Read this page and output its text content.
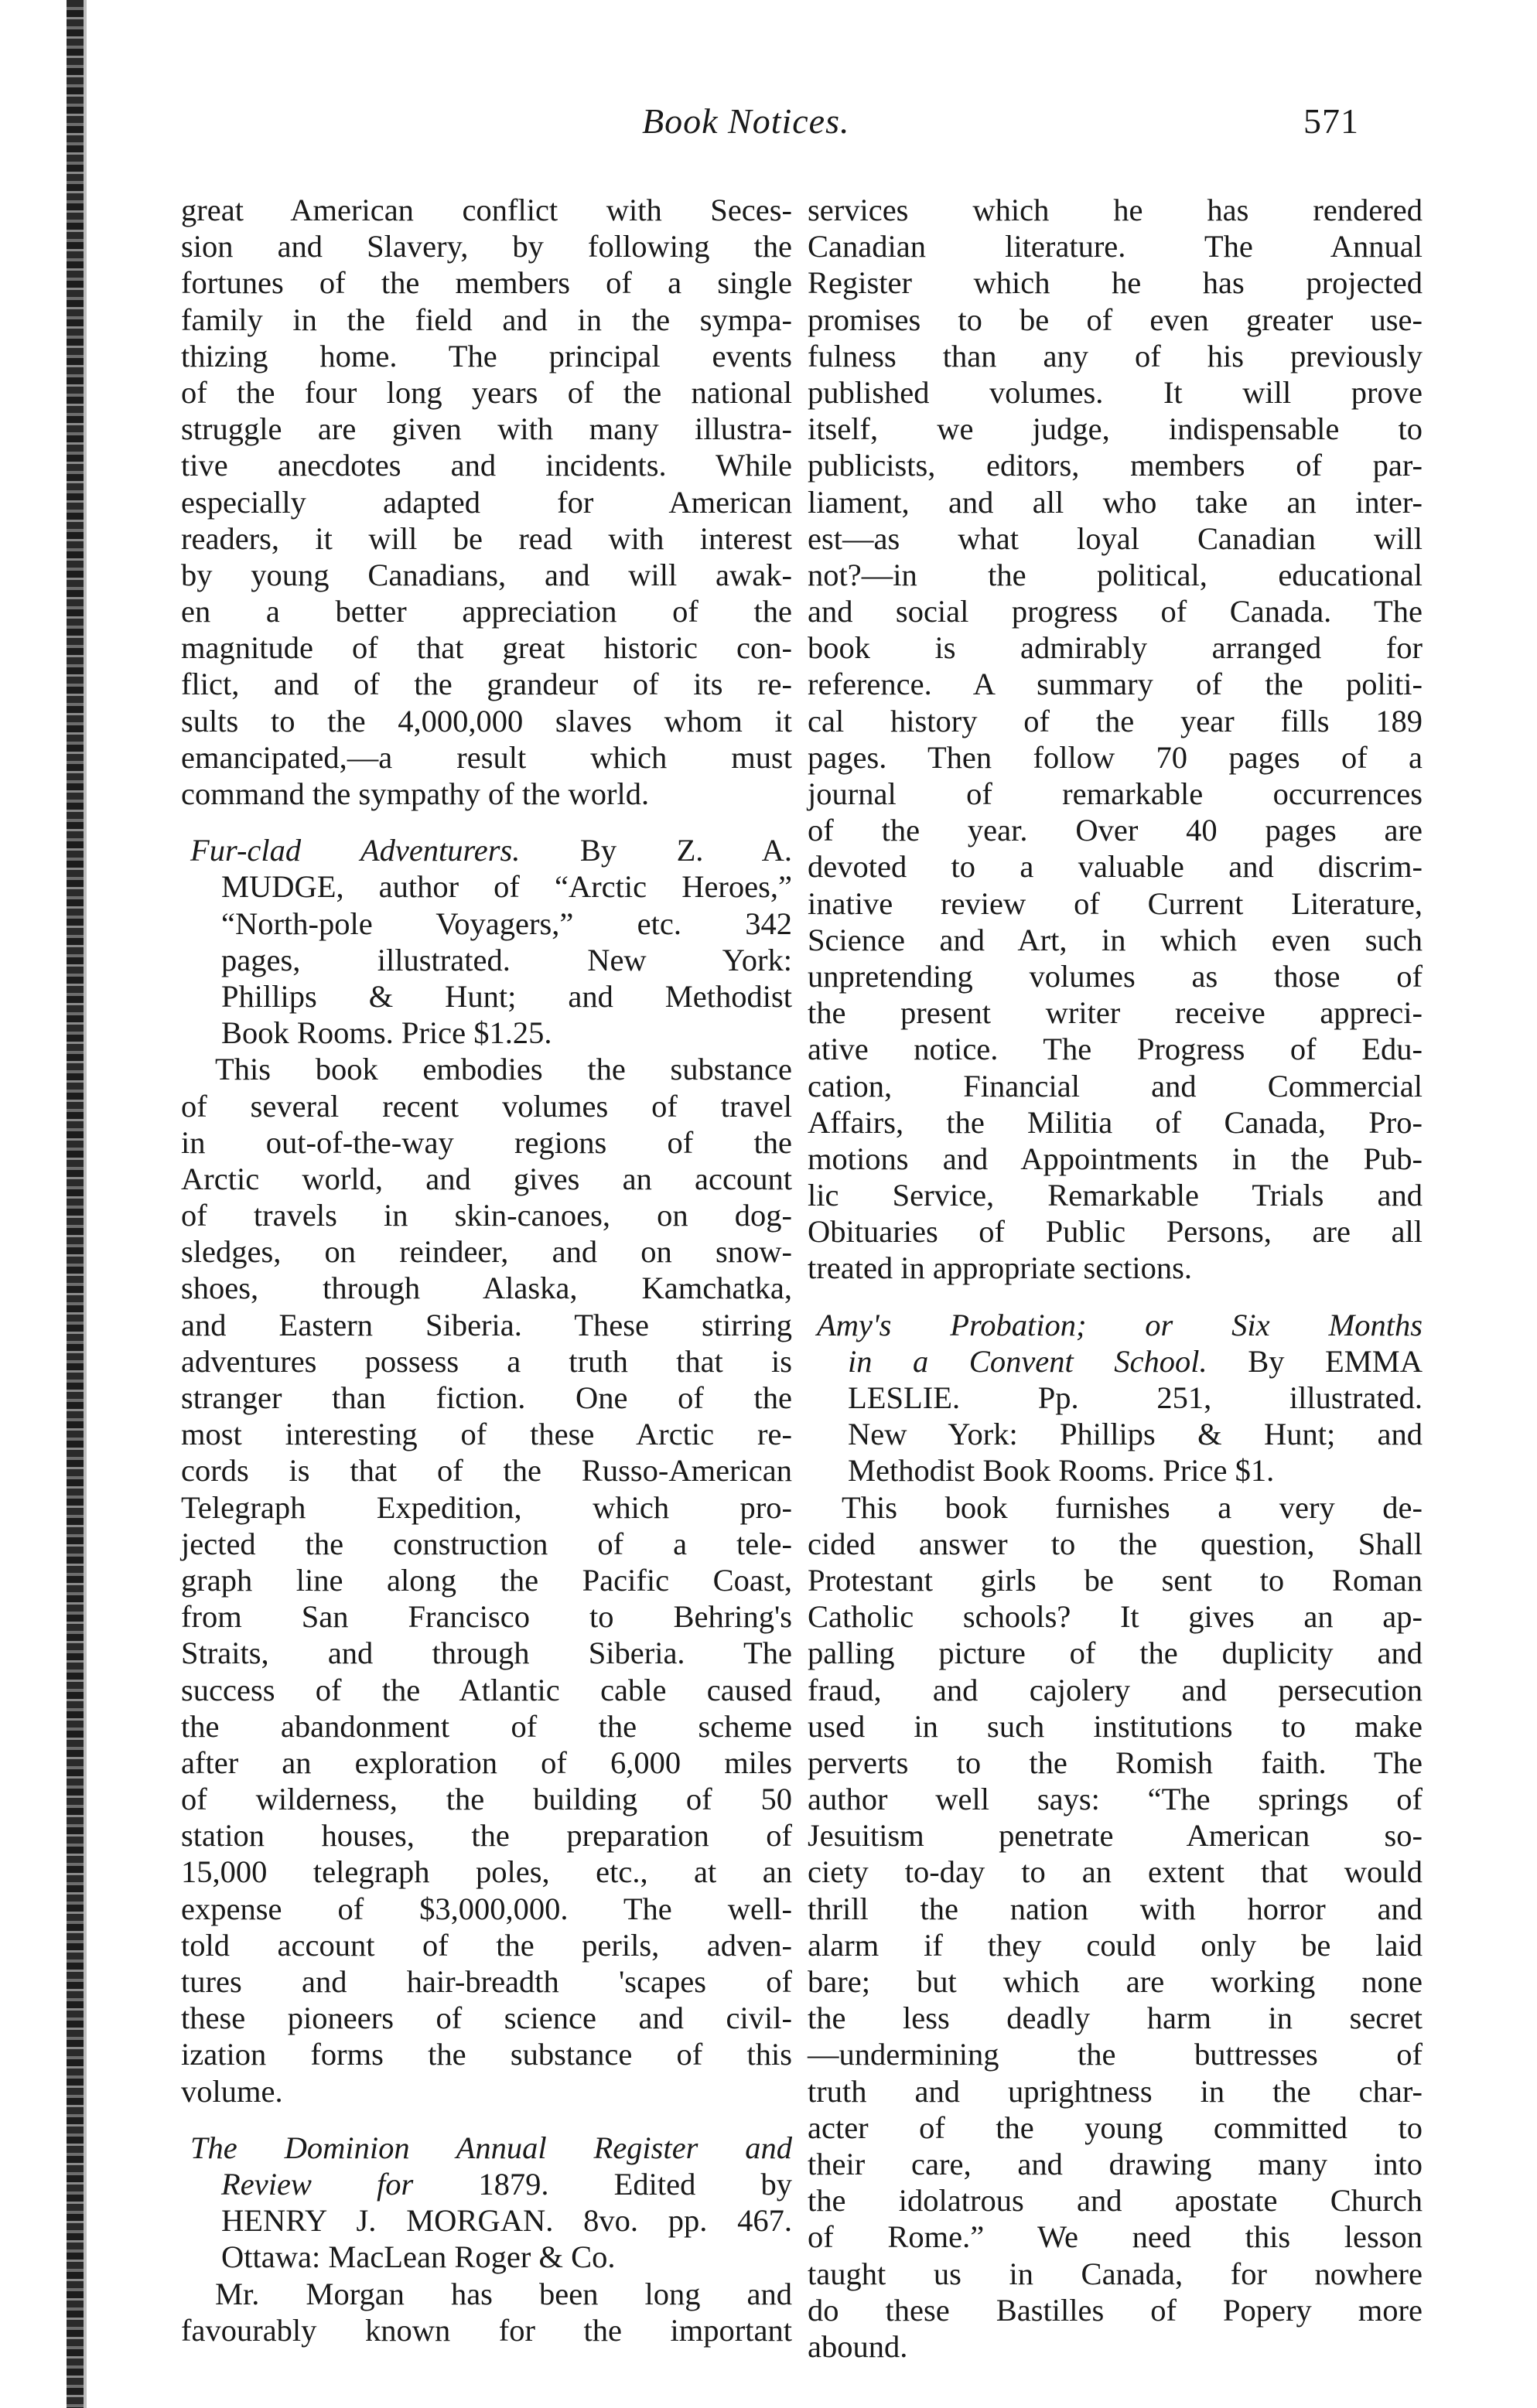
Book Notices.	571
great American conflict with Seces-
sion and Slavery, by following the
fortunes of the members of a single
family in the field and in the sympa-
thizing home. The principal events
of the four long years of the national
struggle are given with many illustra-
tive anecdotes and incidents. While
especially adapted for American
readers, it will be read with interest
by young Canadians, and will awak-
en a better appreciation of the
magnitude of that great historic con-
flict, and of the grandeur of its re-
sults to the 4,000,000 slaves whom it
emancipated,—a result which must
command the sympathy of the world.
Fur-clad Adventurers. By Z. A.
MUDGE, author of “Arctic Heroes,”
“North-pole Voyagers,” etc. 342
pages, illustrated. New York:
Phillips & Hunt; and Methodist
Book Rooms. Price $1.25.
This book embodies the substance
of several recent volumes of travel
in out-of-the-way regions of the
Arctic world, and gives an account
of travels in skin-canoes, on dog-
sledges, on reindeer, and on snow-
shoes, through Alaska, Kamchatka,
and Eastern Siberia. These stirring
adventures possess a truth that is
stranger than fiction. One of the
most interesting of these Arctic re-
cords is that of the Russo-American
Telegraph Expedition, which pro-
jected the construction of a tele-
graph line along the Pacific Coast,
from San Francisco to Behring's
Straits, and through Siberia. The
success of the Atlantic cable caused
the abandonment of the scheme
after an exploration of 6,000 miles
of wilderness, the building of 50
station houses, the preparation of
15,000 telegraph poles, etc., at an
expense of $3,000,000. The well-
told account of the perils, adven-
tures and hair-breadth 'scapes of
these pioneers of science and civil-
ization forms the substance of this
volume.
The Dominion Annual Register and
Review for 1879. Edited by
HENRY J. MORGAN. 8vo. pp. 467.
Ottawa: MacLean Roger & Co.
Mr. Morgan has been long and
favourably known for the important
services which he has rendered
Canadian literature. The Annual
Register which he has projected
promises to be of even greater use-
fulness than any of his previously
published volumes. It will prove
itself, we judge, indispensable to
publicists, editors, members of par-
liament, and all who take an inter-
est—as what loyal Canadian will
not?—in the political, educational
and social progress of Canada. The
book is admirably arranged for
reference. A summary of the politi-
cal history of the year fills 189
pages. Then follow 70 pages of a
journal of remarkable occurrences
of the year. Over 40 pages are
devoted to a valuable and discrim-
inative review of Current Literature,
Science and Art, in which even such
unpretending volumes as those of
the present writer receive appreci-
ative notice. The Progress of Edu-
cation, Financial and Commercial
Affairs, the Militia of Canada, Pro-
motions and Appointments in the Pub-
lic Service, Remarkable Trials and
Obituaries of Public Persons, are all
treated in appropriate sections.
Amy's Probation; or Six Months
in a Convent School. By EMMA
LESLIE. Pp. 251, illustrated.
New York: Phillips & Hunt; and
Methodist Book Rooms. Price $1.
This book furnishes a very de-
cided answer to the question, Shall
Protestant girls be sent to Roman
Catholic schools? It gives an ap-
palling picture of the duplicity and
fraud, and cajolery and persecution
used in such institutions to make
perverts to the Romish faith. The
author well says: “The springs of
Jesuitism penetrate American so-
ciety to-day to an extent that would
thrill the nation with horror and
alarm if they could only be laid
bare; but which are working none
the less deadly harm in secret
—undermining the buttresses of
truth and uprightness in the char-
acter of the young committed to
their care, and drawing many into
the idolatrous and apostate Church
of Rome.” We need this lesson
taught us in Canada, for nowhere
do these Bastilles of Popery more
abound.
